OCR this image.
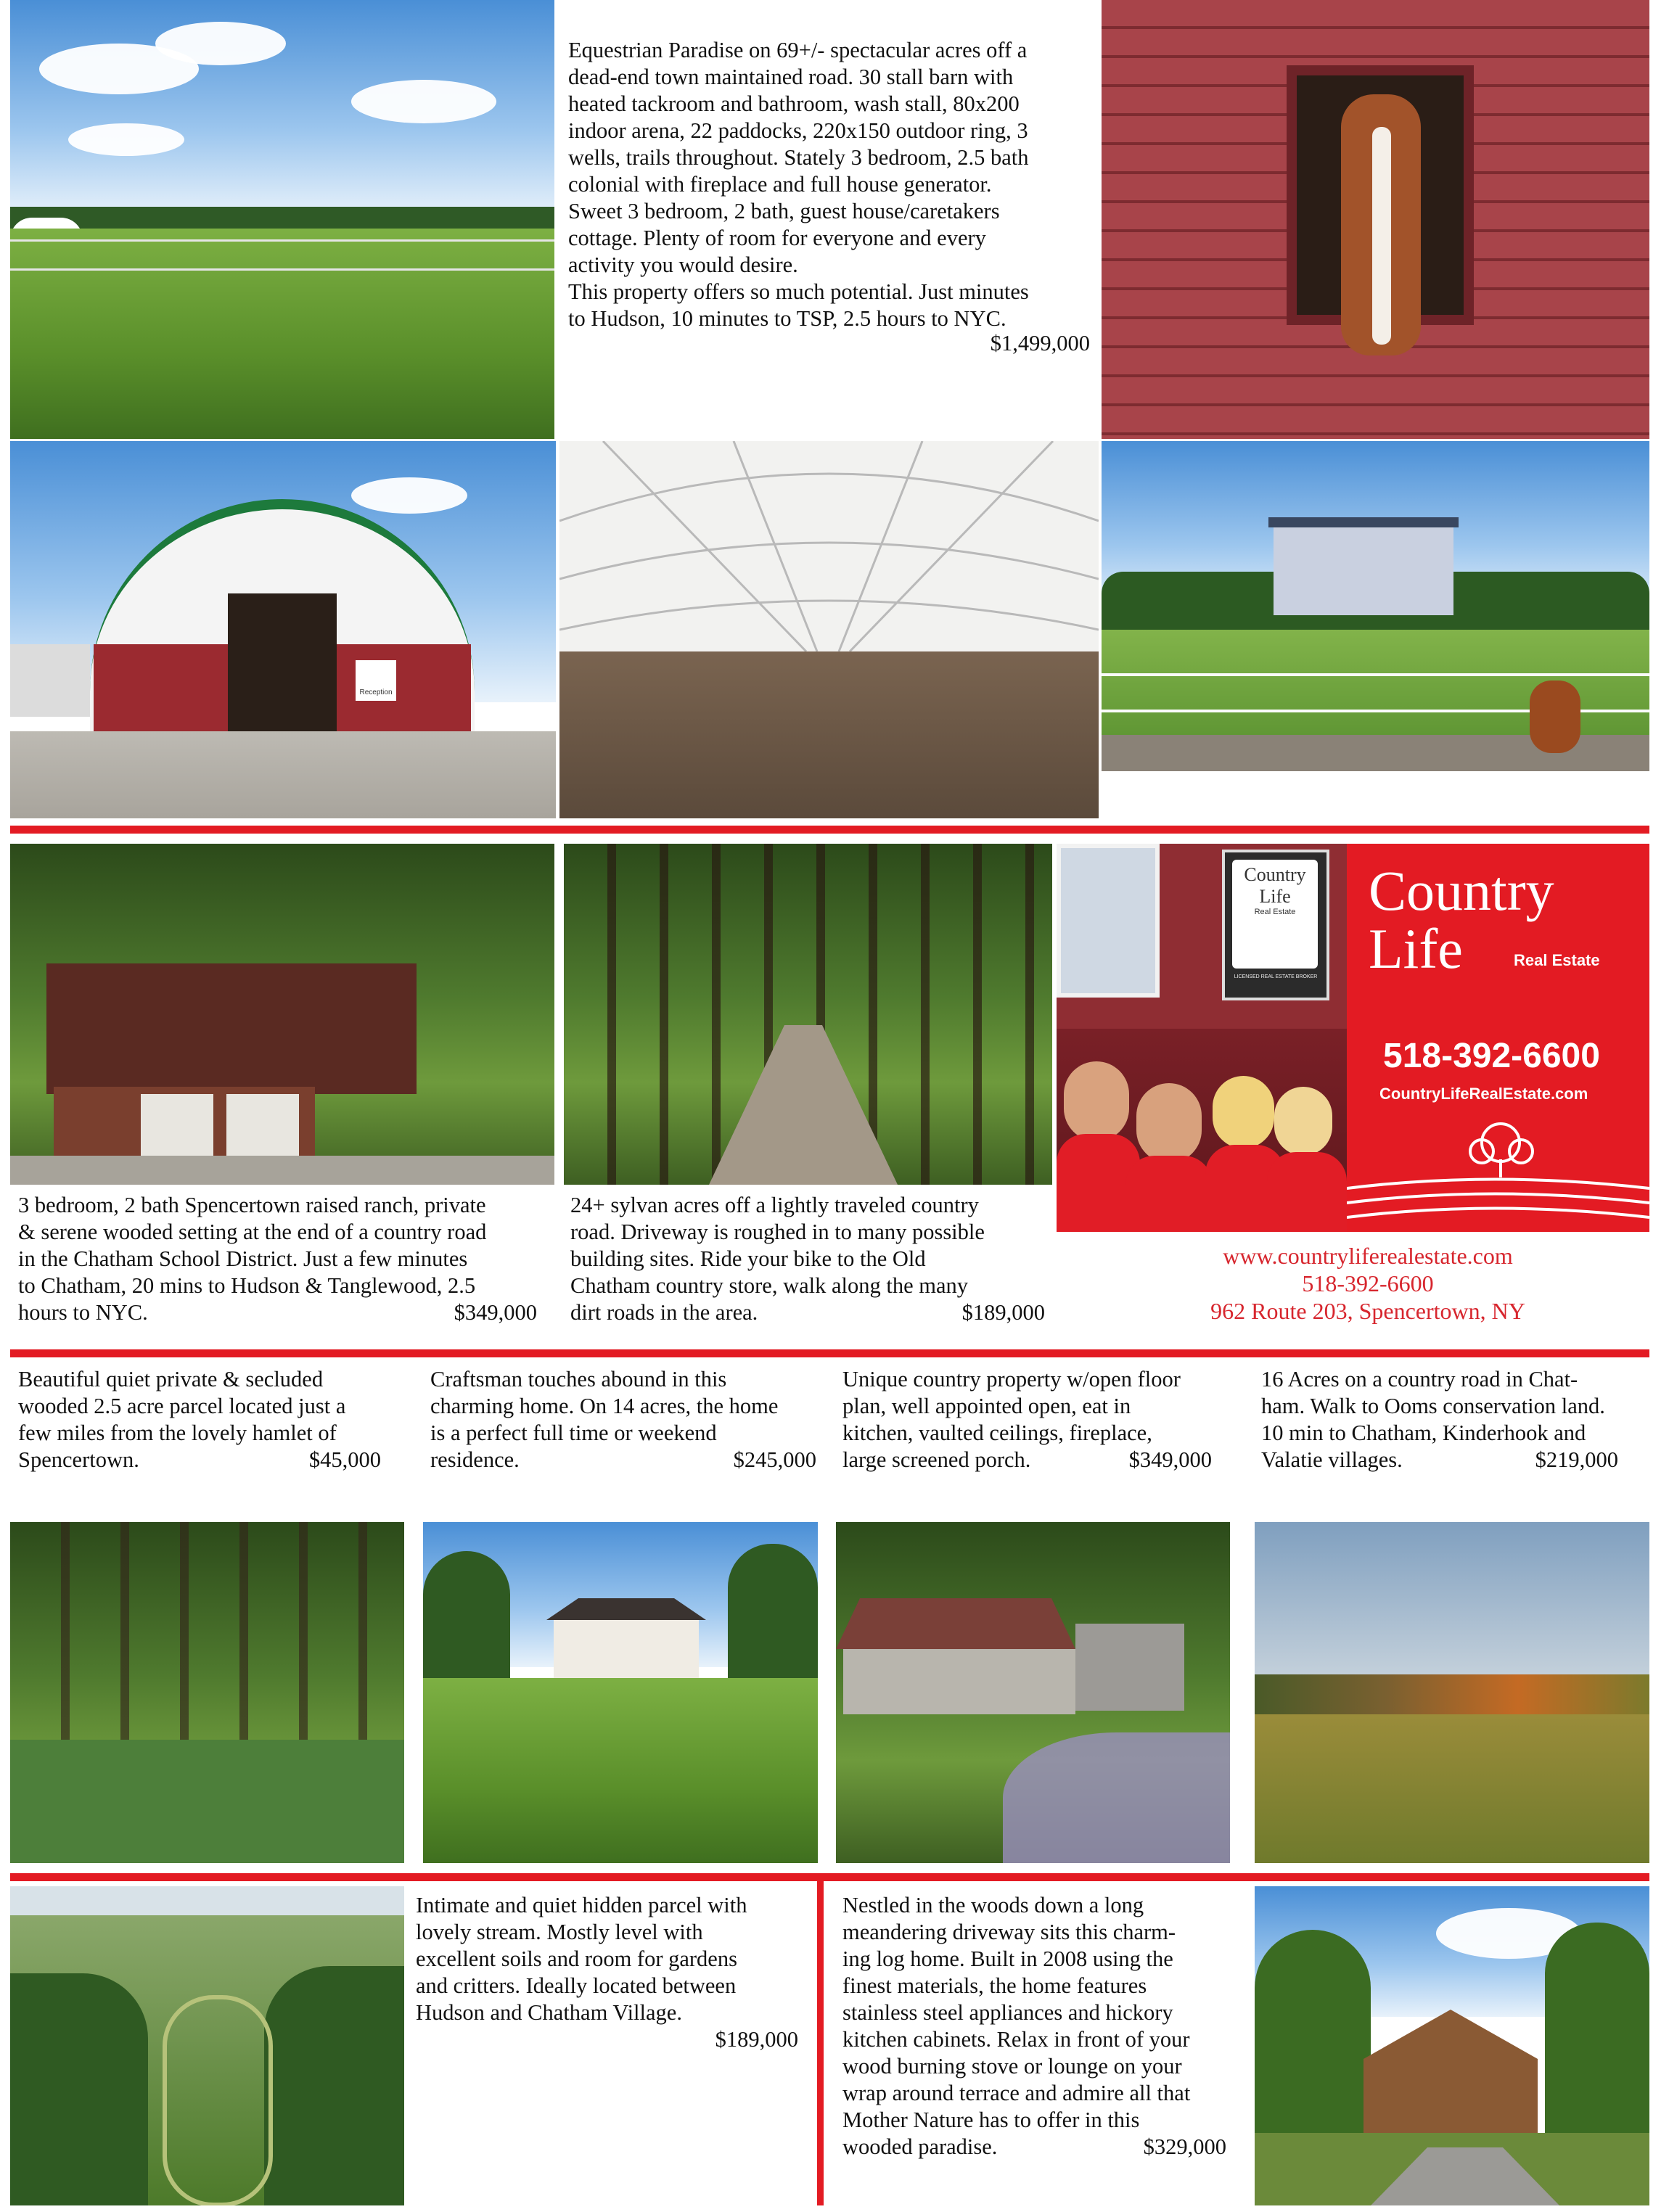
Equestrian Paradise on 69+/- spectacular acres off a

dead-end town maintained road. 30 stall barn with

heated tackroom and bathroom, wash stall, 80x200

indoor arena, 22 paddocks, 220x150 outdoor ring, 3

wells, trails throughout. Stately 3 bedroom, 2.5 bath

colonial with fireplace and full house generator.

Sweet 3 bedroom, 2 bath, guest house/caretakers

cottage. Plenty of room for everyone and every

activity you would desire.

This property offers so much potential. Just minutes

to Hudson, 10 minutes to TSP, 2.5 hours to NYC.

$1,499,000
Reception

3 bedroom, 2 bath Spencertown raised ranch, private

& serene wooded setting at the end of a country road

in the Chatham School District. Just a few minutes

to Chatham, 20 mins to Hudson & Tanglewood, 2.5

hours to NYC.	$349,000

24+ sylvan acres off a lightly traveled country

road. Driveway is roughed in to many possible

building sites. Ride your bike to the Old

Chatham country store, walk along the many

dirt roads in the area.	$189,000
Country
Life
Real Estate
LICENSED REAL ESTATE BROKER
Country
Life	Real Estate
518-392-6600
CountryLifeRealEstate.com
www.countryliferealestate.com
518-392-6600
962 Route 203, Spencertown, NY

Beautiful quiet private & secluded

wooded 2.5 acre parcel located just a

few miles from the lovely hamlet of

Spencertown.	$45,000

Craftsman touches abound in this

charming home. On 14 acres, the home

is a perfect full time or weekend

residence.	$245,000

Unique country property w/open floor

plan, well appointed open, eat in

kitchen, vaulted ceilings, fireplace,

large screened porch.	$349,000

16 Acres on a country road in Chat-

ham. Walk to Ooms conservation land.

10 min to Chatham, Kinderhook and

Valatie villages.	$219,000

Intimate and quiet hidden parcel with

lovely stream. Mostly level with

excellent soils and room for gardens

and critters. Ideally located between

Hudson and Chatham Village.

$189,000

Nestled in the woods down a long

meandering driveway sits this charm-

ing log home. Built in 2008 using the

finest materials, the home features

stainless steel appliances and hickory

kitchen cabinets. Relax in front of your

wood burning stove or lounge on your

wrap around terrace and admire all that

Mother Nature has to offer in this

wooded paradise.	$329,000
